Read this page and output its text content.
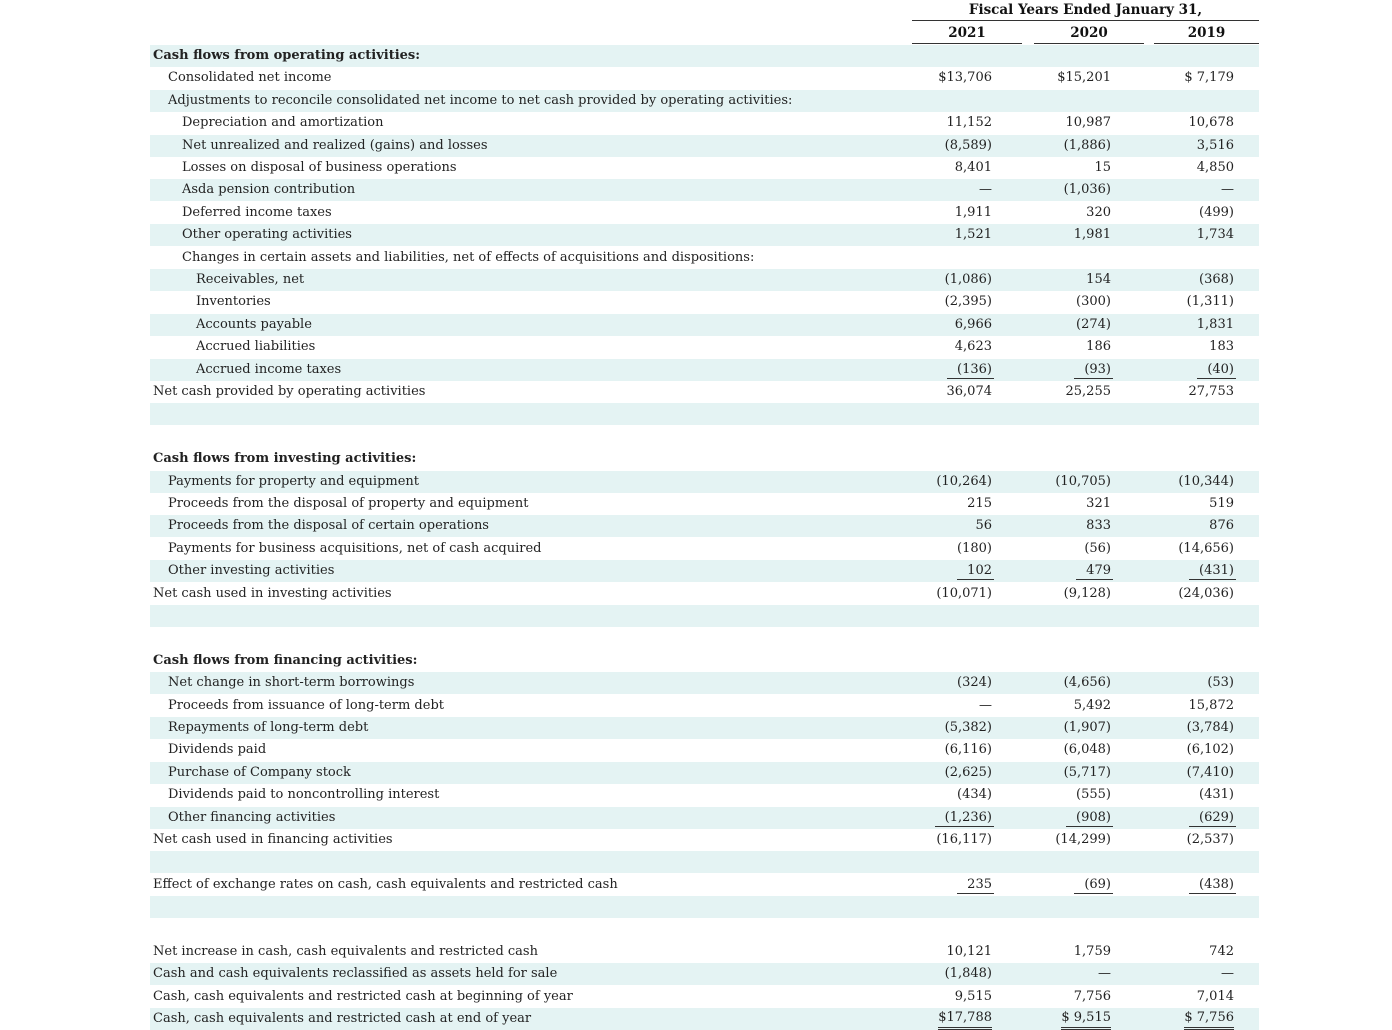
Fiscal Years Ended January 31,
2021	2020	2019
Cash flows from operating activities:
Consolidated net income	$13,706	$15,201	$ 7,179
Adjustments to reconcile consolidated net income to net cash provided by operating activities:
Depreciation and amortization	11,152	10,987	10,678
Net unrealized and realized (gains) and losses	(8,589)	(1,886)	3,516
Losses on disposal of business operations	8,401	15	4,850
Asda pension contribution	—	(1,036)	—
Deferred income taxes	1,911	320	(499)
Other operating activities	1,521	1,981	1,734
Changes in certain assets and liabilities, net of effects of acquisitions and dispositions:
Receivables, net	(1,086)	154	(368)
Inventories	(2,395)	(300)	(1,311)
Accounts payable	6,966	(274)	1,831
Accrued liabilities	4,623	186	183
Accrued income taxes	(136)	(93)	(40)
Net cash provided by operating activities	36,074	25,255	27,753
Cash flows from investing activities:
Payments for property and equipment	(10,264)	(10,705)	(10,344)
Proceeds from the disposal of property and equipment	215	321	519
Proceeds from the disposal of certain operations	56	833	876
Payments for business acquisitions, net of cash acquired	(180)	(56)	(14,656)
Other investing activities	102	479	(431)
Net cash used in investing activities	(10,071)	(9,128)	(24,036)
Cash flows from financing activities:
Net change in short-term borrowings	(324)	(4,656)	(53)
Proceeds from issuance of long-term debt	—	5,492	15,872
Repayments of long-term debt	(5,382)	(1,907)	(3,784)
Dividends paid	(6,116)	(6,048)	(6,102)
Purchase of Company stock	(2,625)	(5,717)	(7,410)
Dividends paid to noncontrolling interest	(434)	(555)	(431)
Other financing activities	(1,236)	(908)	(629)
Net cash used in financing activities	(16,117)	(14,299)	(2,537)
Effect of exchange rates on cash, cash equivalents and restricted cash	235	(69)	(438)
Net increase in cash, cash equivalents and restricted cash	10,121	1,759	742
Cash and cash equivalents reclassified as assets held for sale	(1,848)	—	—
Cash, cash equivalents and restricted cash at beginning of year	9,515	7,756	7,014
Cash, cash equivalents and restricted cash at end of year	$17,788	$ 9,515	$ 7,756
